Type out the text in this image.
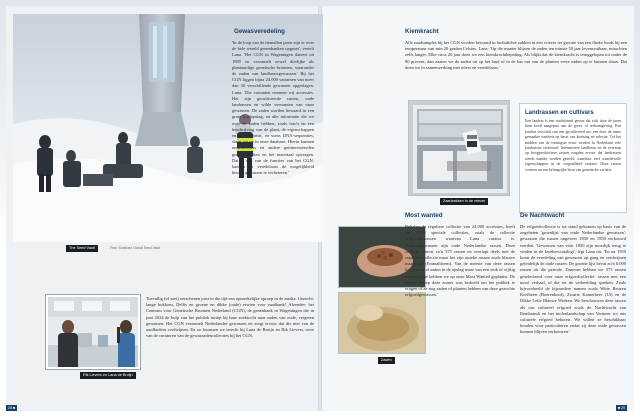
The Seed Vault	Foto: Svalbard Global Seed Vault
Gewasveredeling
'In de loop van de tientallen jaren zijn er over de hele wereld genenbanken opgezet', vertelt Lana. 'Het CGN in Wageningen dateert uit 1985 en verzamelt zowel dierlijke als plantaardige genetische bronnen, waaronder de zaden van landbouwgewassen.' Bij het CGN liggen bijna 24.000 varianten van meer dan 30 verschillende gewassen opgeslagen. Lana: 'Die varianten noemen wij accessies. Het zijn gecultiveerde rassen, oude landrassen en wilde verwanten van onze gewassen. De zaden worden bewaard in een grote koelopslag, en alle informatie die we over de zaden hebben, zoals foto's en een beschrijving van de plant, de eigenschappen en de herkomst, en soms DNA-sequenties, slaan we op in onze database. Hierin kunnen onderzoekers en andere geïnteresseerden gericht zoeken en het materiaal opvragen. Dat is een van de functies van het CGN: banken en veredelaars de mogelijkheid bieden gewassen te verbeteren.'
Rik Lievers en Lana de Bruijn
Toevallig (of niet) verschenen juist in die tijd een opmerkelijke oproep in de media: Gezocht: lange bokkom, Delfts en groene en dikke (oude) erwten voor zaadbank! Afzender: het Centrum voor Genetische Bronnen Nederland (CGN), de genenbank in Wageningen die in juni 2024 de hulp van het publiek inriep bij haar zoektocht naar zaden van oude, vergeten gewassen. Het CGN verzamelt Nederlandse gewassen en zorgt ervoor dat die niet van de aardbodem verdwijnen. En zo kwamen we terecht bij Lana de Bruijn en Rik Lievers, twee van de curatoren van de gewaszadencollecties bij het CGN.
Kiemkracht
Alle zaadsamples bij het CGN worden bewaard in luchtdichte zakken in een vriezer ter grootte van een flinke loods bij een temperatuur van min 20 graden Celsius. Lana: 'Op die manier blijven de zaden ten minste 50 jaar levensvatbaar, misschien zelfs langer. Elke circa 20 jaar doen we een kiemkrachtbepaling. Als blijkt dat de kiemkracht is teruggelopen tot onder de 80 procent, dan zaaien we de zaden uit op het land of in de kas om van de planten verse zaden op te kunnen slaan. Dat doen we in samenwerking met telers en veredelaars.'
Zaadzakken in de vriezer
Landrassen en cultivars
Een landras is een traditioneel gewas dat zich door de jaren heen heeft aangepast aan de groei- of teeltomgeving. Een landras verschilt van een gecultiveerd ras: een door de mens gemaakte variëteit op basis van kruising en selectie. Tot het midden van de twintigste eeuw werden in Nederland vele landrassen verbouwd. Intensievere landbouw en de overstap op hoogproductieve rassen zorgden ervoor dat landrassen steeds minder werden geteeld, waardoor veel waardevolle eigenschappen in de vergetelheid raakten. Deze rassen vormen nu een belangrijke bron van genetische variatie.
Most wanted
Zaden
Behalve de reguliere collectie van 24.000 accessies, heeft het CGN speciale collecties, zoals de collectie erfgoedgewassen waarvan Lana curator is. 'Erfgoedgewassen zijn oude Nederlandse rassen. Deze collectie omvat zo'n 375 rassen en overlapt deels met de reguliere collectie maar het zijn unieke rassen zoals blauwe maanzaad (Emmabloem). Van de meeste van deze rassen hebben we al zaden in de opslag maar van een stuk of vijftig nog niet, die hebben we op onze Most Wanted geplaatst. De media-oproep deze zomer was bedoeld om het publiek te vragen of ze nog zaden of planten hebben van deze gezochte erfgoedgewassen.'
De Nachtwacht
De erfgoedcollectie is tot stand gekomen op basis van de zogeheten 'groenlijst van oude Nederlandse gewassen': gewassen die tussen ongeveer 1850 en 1950 verbouwd werden. 'Gewassen van vóór 1850 zijn moeilijk terug te vinden in de kwekerscatalogi', legt Lana uit. 'En na 1950 komt de veredeling van gewassen op gang en verdwijnen geleidelijk de oude rassen. De groene lijst bevat zo'n 6.000 rassen uit die periode. Daarvan hebben we 375 rassen geselecteerd voor onze erfgoedcollectie: rassen met een mooi verhaal, of die tot de verbeelding spreken. Zoals bijvoorbeeld de bijzondere namen zoals Witte Reuzen Korfbeen (Boerenkool), Zwarte Kamerbeer (Ui) en de Dikke Lelie Blauwe Wieken. We beschouwen deze rassen als ons cultureel erfgoed zoals de Nachtwacht van Rembrandt en het molenlandschap van Vermeer tot ons culturele erfgoed behoren. We willen ze beschikbaar houden voor particulieren zodat zij deze oude gewassen kunnen blijven verbouwen.'
28 ■	■ 29
